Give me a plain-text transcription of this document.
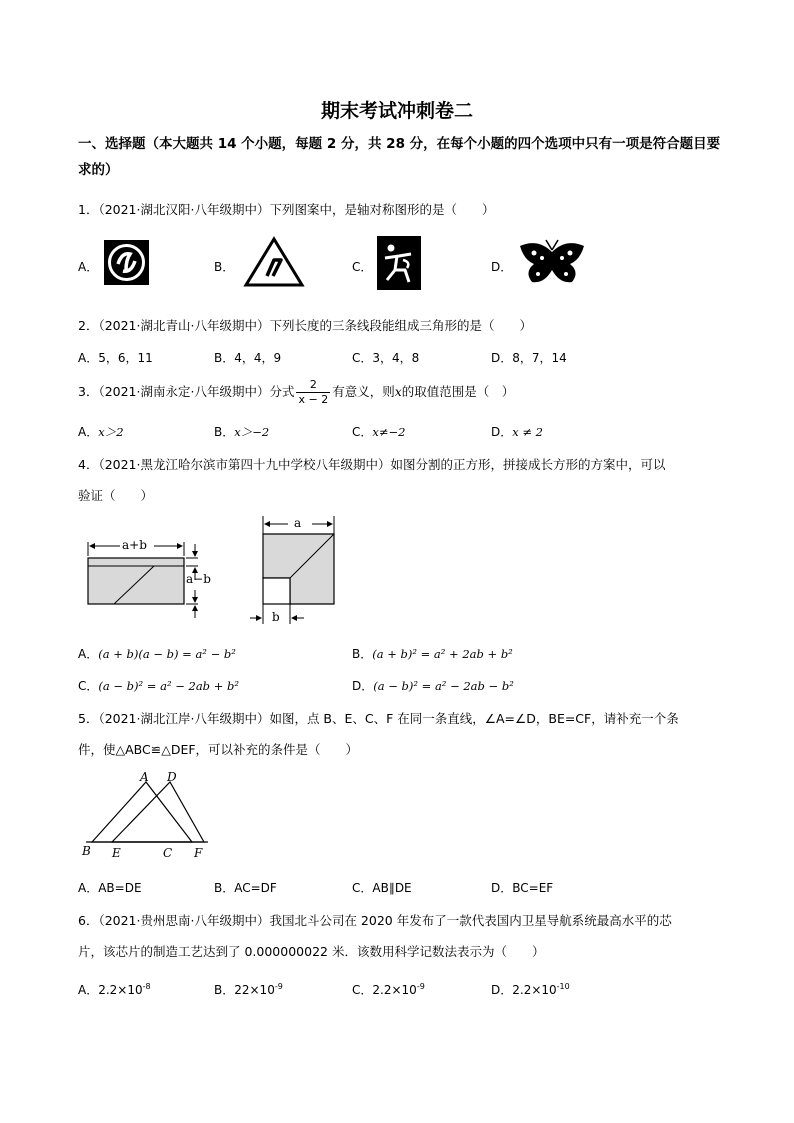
期末考试冲刺卷二
一、选择题（本大题共 14 个小题，每题 2 分，共 28 分，在每个小题的四个选项中只有一项是符合题目要
求的）
1．（2021·湖北汉阳·八年级期中）下列图案中，是轴对称图形的是（　　）
A．	B．	C．	D．
2．（2021·湖北青山·八年级期中）下列长度的三条线段能组成三角形的是（　　）
A．5，6，11	B．4，4，9	C．3，4，8	D．8，7，14
3．（2021·湖南永定·八年级期中）分式 $\frac{2}{x - 2}$ 有意义，则x的取值范围是（　）
A．x＞2	B．x＞−2	C．x≠−2	D．x ≠ 2
4．（2021·黑龙江哈尔滨市第四十九中学校八年级期中）如图分割的正方形，拼接成长方形的方案中，可以
验证（　　）
a+b
a−b
a
b
A．(a + b)(a − b) = a² − b²	B．(a + b)² = a² + 2ab + b²
C．(a − b)² = a² − 2ab + b²	D．(a − b)² = a² − 2ab − b²
5．（2021·湖北江岸·八年级期中）如图，点 B、E、C、F 在同一条直线，∠A=∠D，BE=CF，请补充一个条
件，使△ABC≌△DEF，可以补充的条件是（　　）
A D
B E	C F
A．AB=DE	B．AC=DF	C．AB∥DE	D．BC=EF
6．（2021·贵州思南·八年级期中）我国北斗公司在 2020 年发布了一款代表国内卫星导航系统最高水平的芯
片，该芯片的制造工艺达到了 0.000000022 米．该数用科学记数法表示为（　　）
A．$2.2\times 10^{-8}$	B．$22\times 10^{-9}$	C．$2.2\times 10^{-9}$	D．$2.2\times 10^{-10}$
